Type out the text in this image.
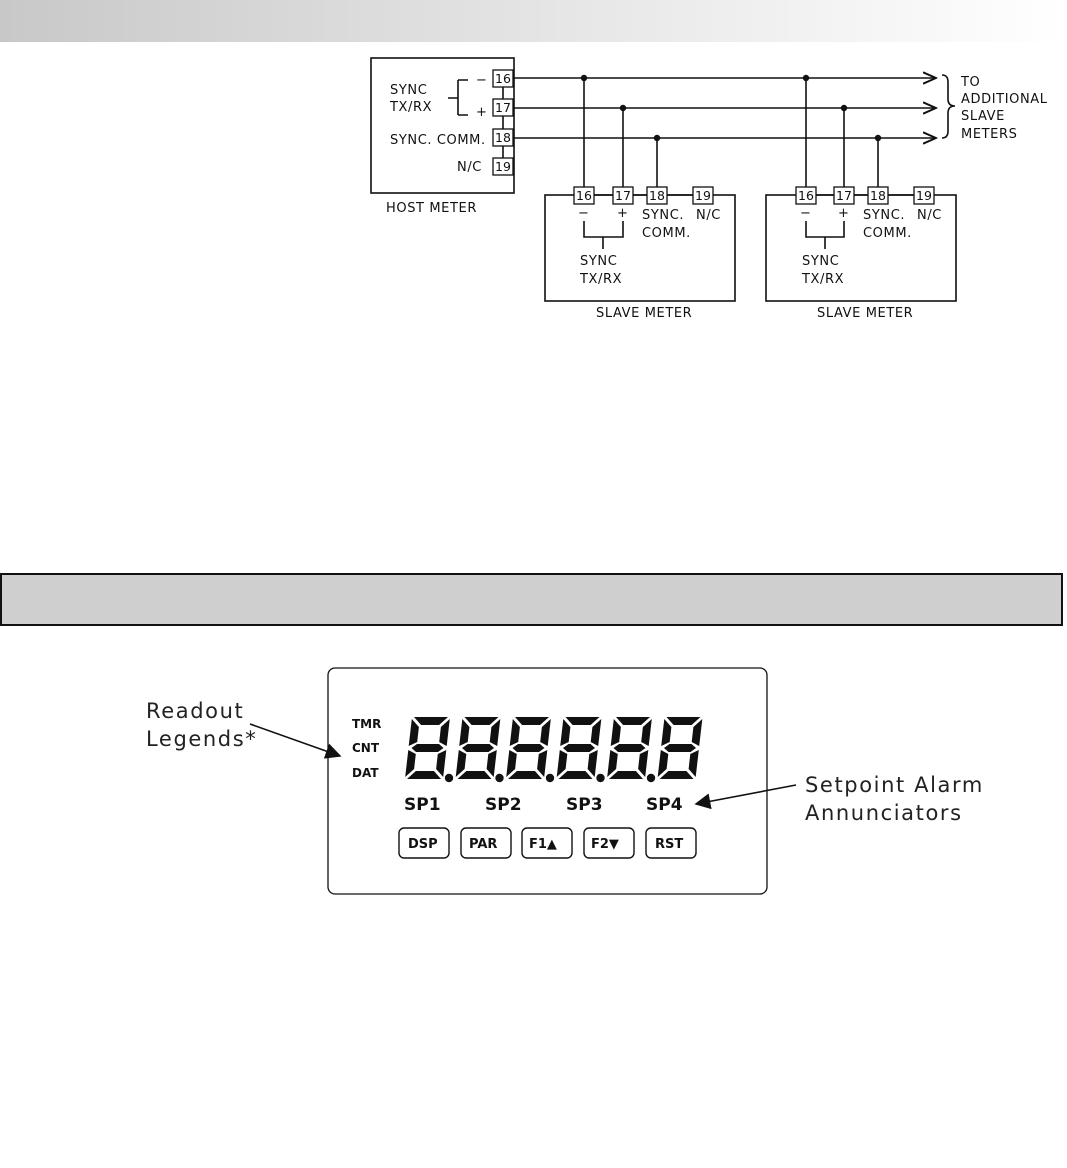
HOST METER
SYNC
TX/RX
−
+
SYNC. COMM.
N/C
16
17
18
19
TO
ADDITIONAL
SLAVE
METERS
16 17 18 19
− + SYNC.
COMM.
N/C
SYNC
TX/RX
SLAVE METER
16 17 18 19
− + SYNC.
COMM.
N/C
SYNC
TX/RX
SLAVE METER
Readout
Legends*
Setpoint Alarm
Annunciators
TMR
CNT
DAT
SP1	SP2	SP3	SP4
DSP PAR F1▲	F2▼	RST
